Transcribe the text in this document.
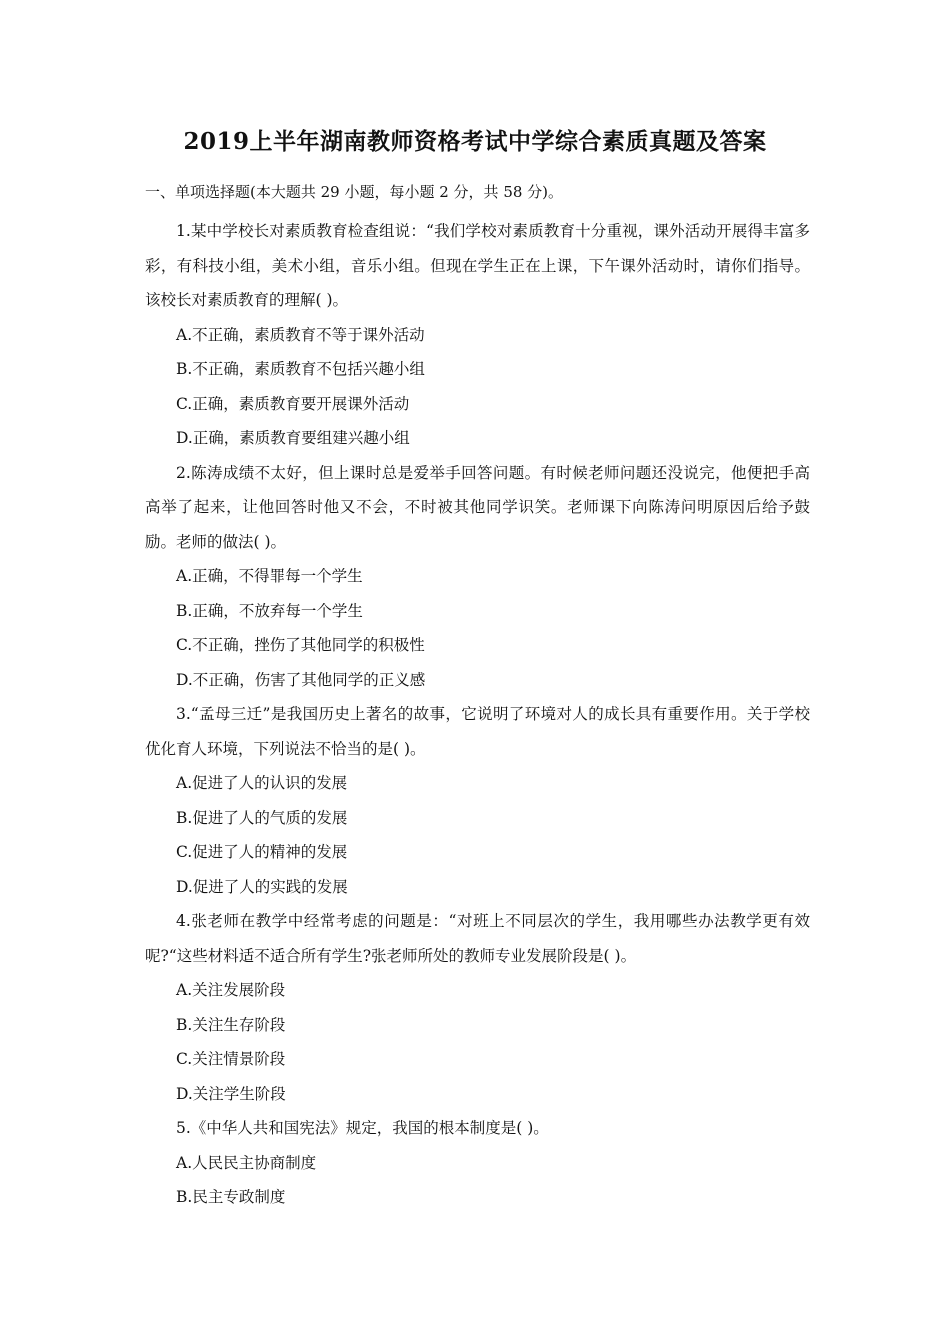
2019上半年湖南教师资格考试中学综合素质真题及答案
一、单项选择题(本大题共 29 小题，每小题 2 分，共 58 分)。

1.某中学校长对素质教育检查组说：“我们学校对素质教育十分重视，课外活动开展得丰富多彩，有科技小组，美术小组，音乐小组。但现在学生正在上课，下午课外活动时，请你们指导。该校长对素质教育的理解( )。

A.不正确，素质教育不等于课外活动

B.不正确，素质教育不包括兴趣小组

C.正确，素质教育要开展课外活动

D.正确，素质教育要组建兴趣小组

2.陈涛成绩不太好，但上课时总是爱举手回答问题。有时候老师问题还没说完，他便把手高高举了起来，让他回答时他又不会，不时被其他同学识笑。老师课下向陈涛问明原因后给予鼓励。老师的做法( )。

A.正确，不得罪每一个学生

B.正确，不放弃每一个学生

C.不正确，挫伤了其他同学的积极性

D.不正确，伤害了其他同学的正义感

3.“孟母三迁”是我国历史上著名的故事，它说明了环境对人的成长具有重要作用。关于学校优化育人环境，下列说法不恰当的是( )。

A.促进了人的认识的发展

B.促进了人的气质的发展

C.促进了人的精神的发展

D.促进了人的实践的发展

4.张老师在教学中经常考虑的问题是：“对班上不同层次的学生，我用哪些办法教学更有效呢?“这些材料适不适合所有学生?张老师所处的教师专业发展阶段是( )。

A.关注发展阶段

B.关注生存阶段

C.关注情景阶段

D.关注学生阶段

5.《中华人共和国宪法》规定，我国的根本制度是( )。

A.人民民主协商制度

B.民主专政制度
